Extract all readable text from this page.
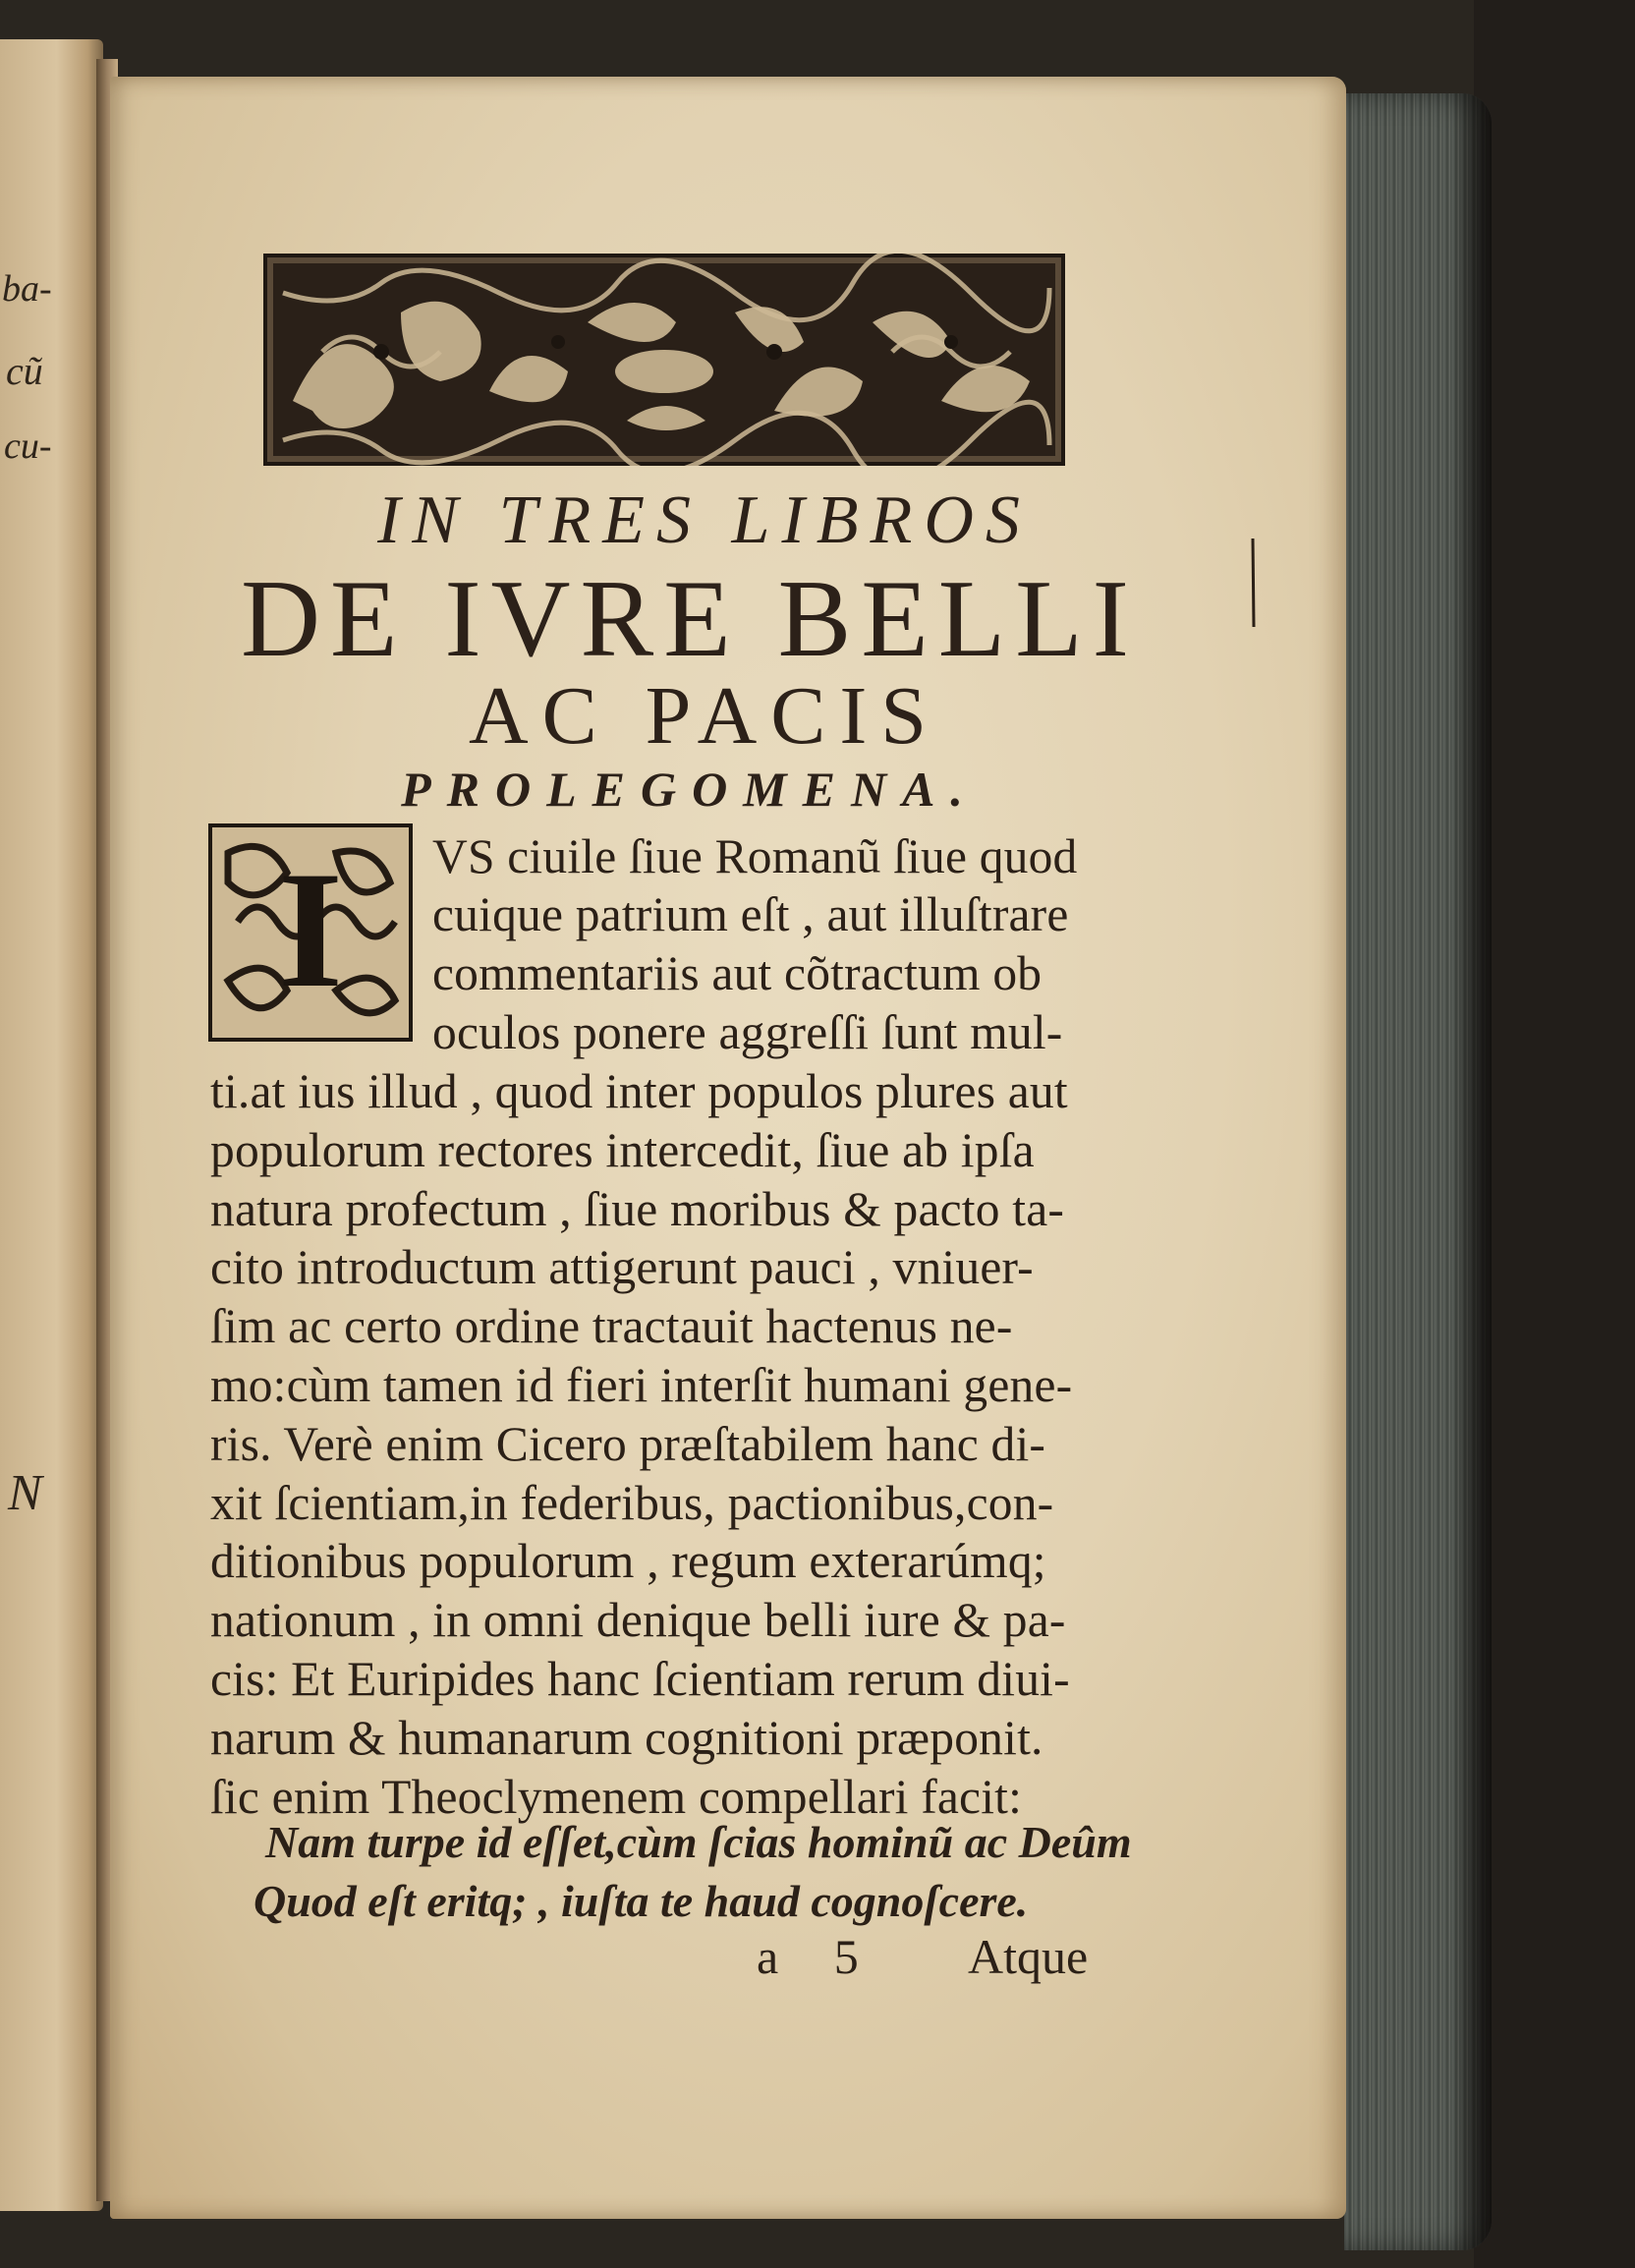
ba-
cũ
cu-
N
IN TRES LIBROS
DE IVRE BELLI
AC PACIS
PROLEGOMENA.
I VS ciuile ſiue Romanũ ſiue quod
cuique patrium eſt , aut illuſtrare
commentariis aut cõtractum ob
oculos ponere aggreſſi ſunt mul-
ti.at ius illud , quod inter populos plures aut
populorum rectores intercedit, ſiue ab ipſa
natura profectum , ſiue moribus & pacto ta-
cito introductum attigerunt pauci , vniuer-
ſim ac certo ordine tractauit hactenus ne-
mo:cùm tamen id fieri interſit humani gene-
ris. Verè enim Cicero præſtabilem hanc di-
xit ſcientiam,in federibus, pactionibus,con-
ditionibus populorum , regum exterarúmq;
nationum , in omni denique belli iure & pa-
cis: Et Euripides hanc ſcientiam rerum diui-
narum & humanarum cognitioni præponit.
ſic enim Theoclymenem compellari facit:
Nam turpe id eſſet,cùm ſcias hominũ ac Deûm
Quod eſt eritq; , iuſta te haud cognoſcere.
a 5 Atque
